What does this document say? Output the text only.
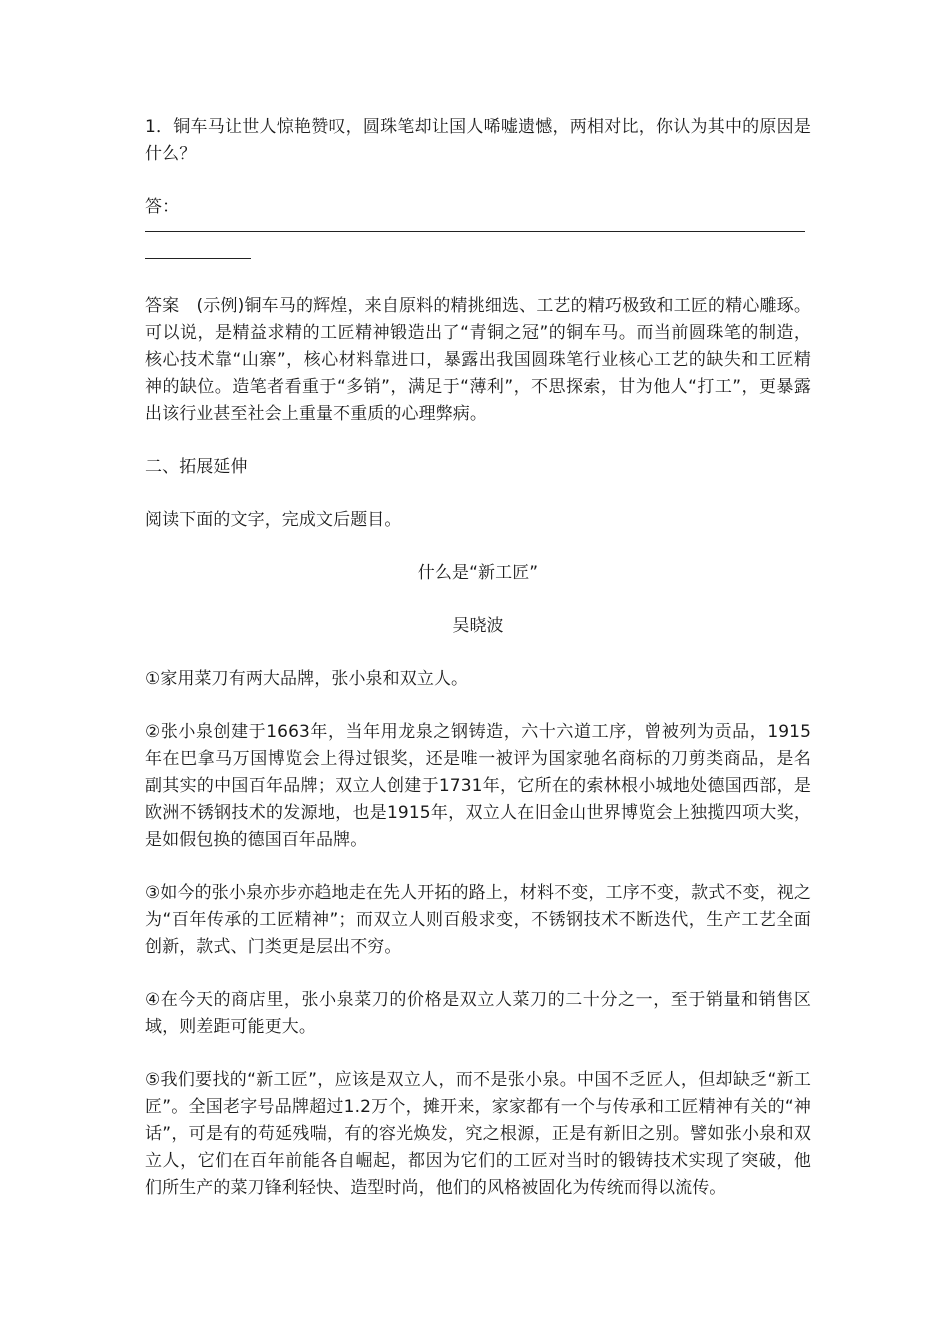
1．铜车马让世人惊艳赞叹，圆珠笔却让国人唏嘘遗憾，两相对比，你认为其中的原因是什么？

答：

答案　(示例)铜车马的辉煌，来自原料的精挑细选、工艺的精巧极致和工匠的精心雕琢。可以说，是精益求精的工匠精神锻造出了“青铜之冠”的铜车马。而当前圆珠笔的制造，核心技术靠“山寨”，核心材料靠进口，暴露出我国圆珠笔行业核心工艺的缺失和工匠精神的缺位。造笔者看重于“多销”，满足于“薄利”，不思探索，甘为他人“打工”，更暴露出该行业甚至社会上重量不重质的心理弊病。

二、拓展延伸

阅读下面的文字，完成文后题目。

什么是“新工匠”

吴晓波

①家用菜刀有两大品牌，张小泉和双立人。

②张小泉创建于1663年，当年用龙泉之钢铸造，六十六道工序，曾被列为贡品，1915年在巴拿马万国博览会上得过银奖，还是唯一被评为国家驰名商标的刀剪类商品，是名副其实的中国百年品牌；双立人创建于1731年，它所在的索林根小城地处德国西部，是欧洲不锈钢技术的发源地，也是1915年，双立人在旧金山世界博览会上独揽四项大奖，是如假包换的德国百年品牌。

③如今的张小泉亦步亦趋地走在先人开拓的路上，材料不变，工序不变，款式不变，视之为“百年传承的工匠精神”；而双立人则百般求变，不锈钢技术不断迭代，生产工艺全面创新，款式、门类更是层出不穷。

④在今天的商店里，张小泉菜刀的价格是双立人菜刀的二十分之一，至于销量和销售区域，则差距可能更大。

⑤我们要找的“新工匠”，应该是双立人，而不是张小泉。中国不乏匠人，但却缺乏“新工匠”。全国老字号品牌超过1.2万个，摊开来，家家都有一个与传承和工匠精神有关的“神话”，可是有的苟延残喘，有的容光焕发，究之根源，正是有新旧之别。譬如张小泉和双立人，它们在百年前能各自崛起，都因为它们的工匠对当时的锻铸技术实现了突破，他们所生产的菜刀锋利轻快、造型时尚，他们的风格被固化为传统而得以流传。
